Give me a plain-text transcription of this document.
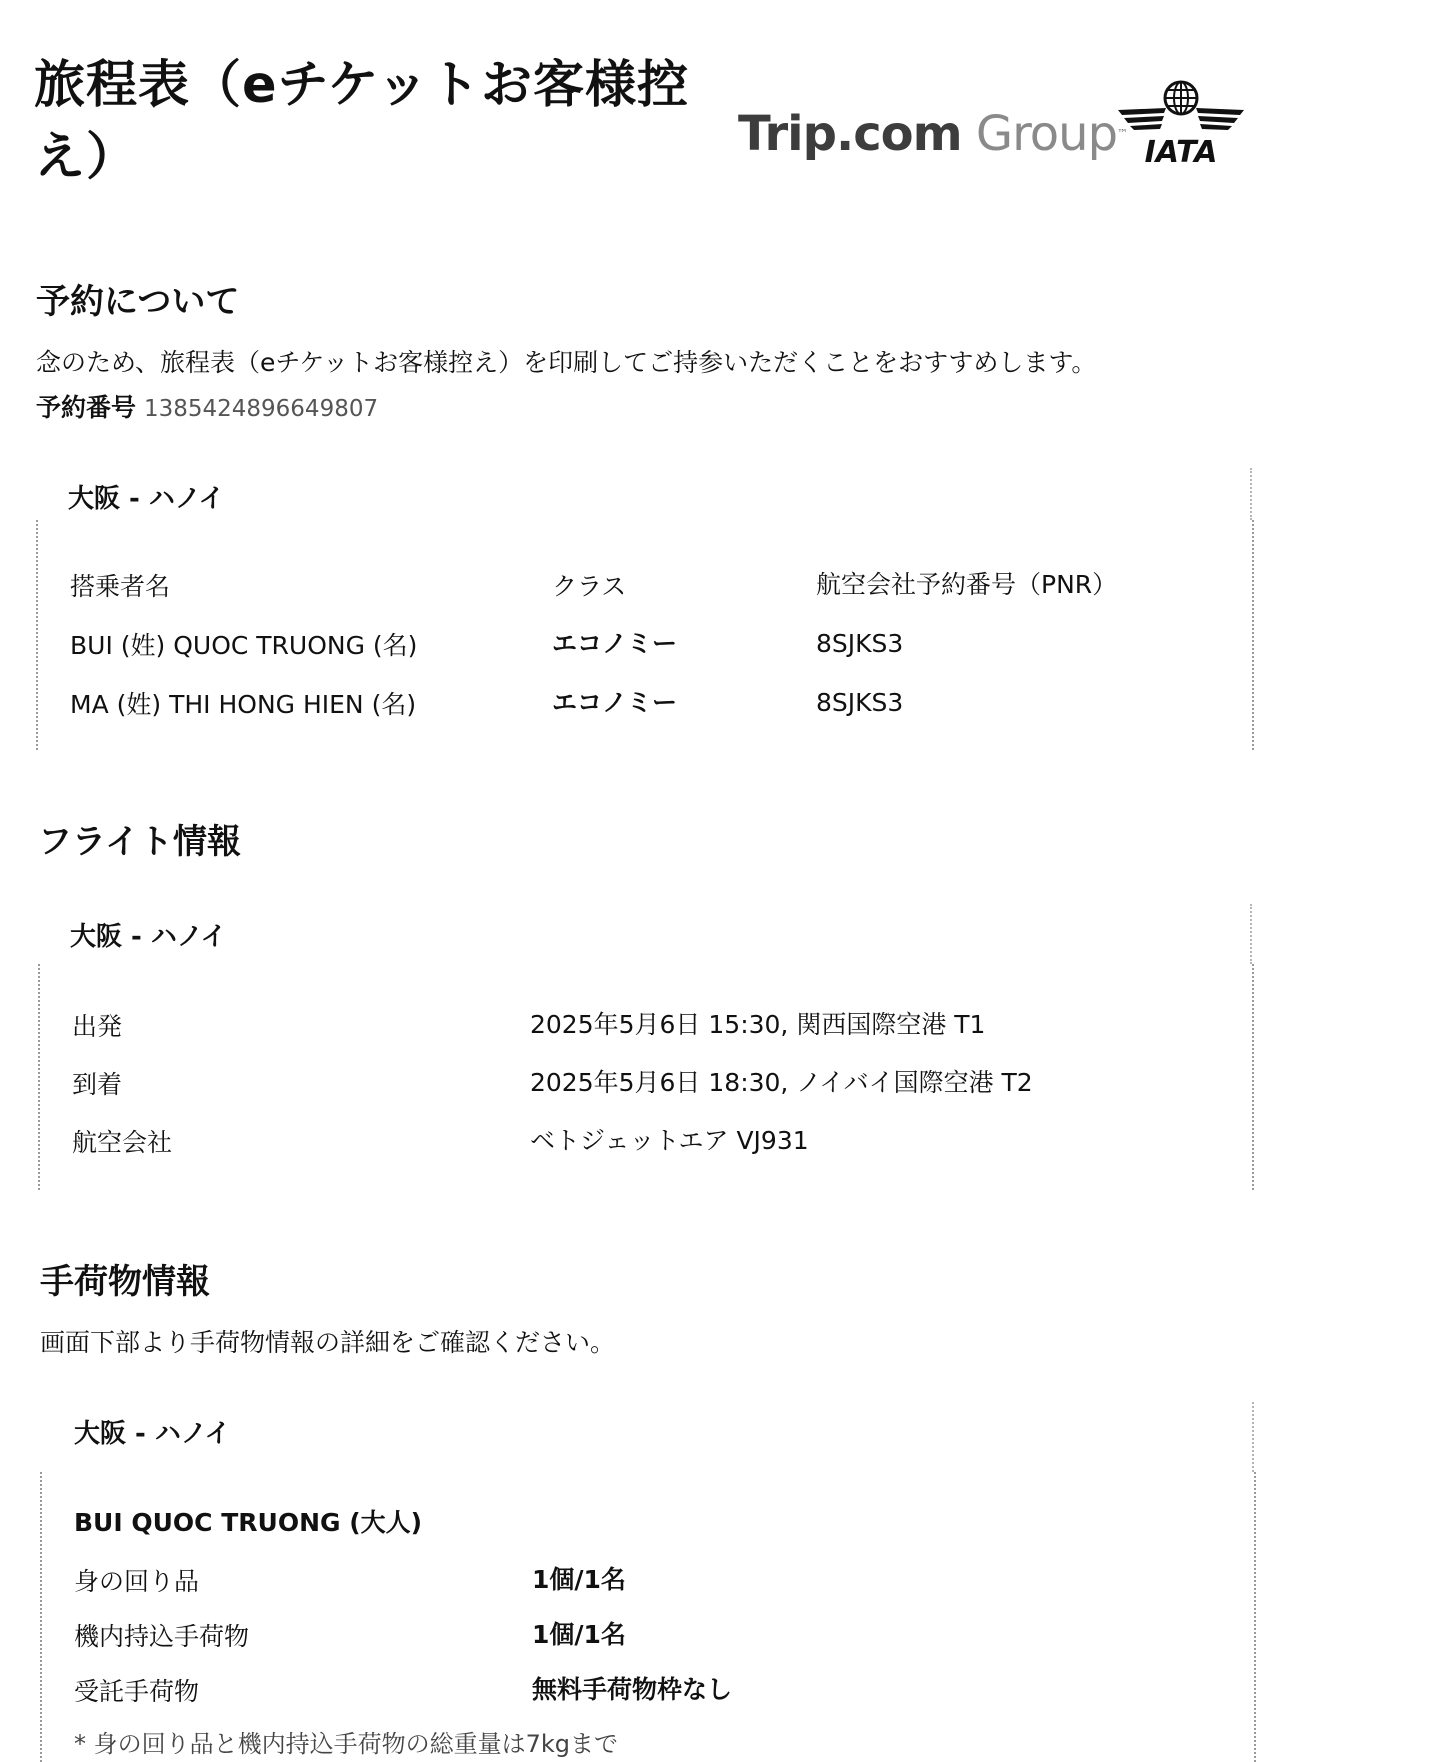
旅程表（eチケットお客様控え）	Trip.com Group™
IATA
予約について

念のため、旅程表（eチケットお客様控え）を印刷してご持参いただくことをおすすめします。

予約番号 1385424896649807

大阪 - ハノイ
搭乗者名	クラス	航空会社予約番号（PNR）
BUI (姓) QUOC TRUONG (名)	エコノミー	8SJKS3
MA (姓) THI HONG HIEN (名)	エコノミー	8SJKS3
フライト情報
大阪 - ハノイ
出発	2025年5月6日 15:30, 関西国際空港 T1
到着	2025年5月6日 18:30, ノイバイ国際空港 T2
航空会社	ベトジェットエア VJ931
手荷物情報

画面下部より手荷物情報の詳細をご確認ください。

大阪 - ハノイ
BUI QUOC TRUONG (大人)
身の回り品	1個/1名
機内持込手荷物	1個/1名
受託手荷物	無料手荷物枠なし
* 身の回り品と機内持込手荷物の総重量は7kgまで
